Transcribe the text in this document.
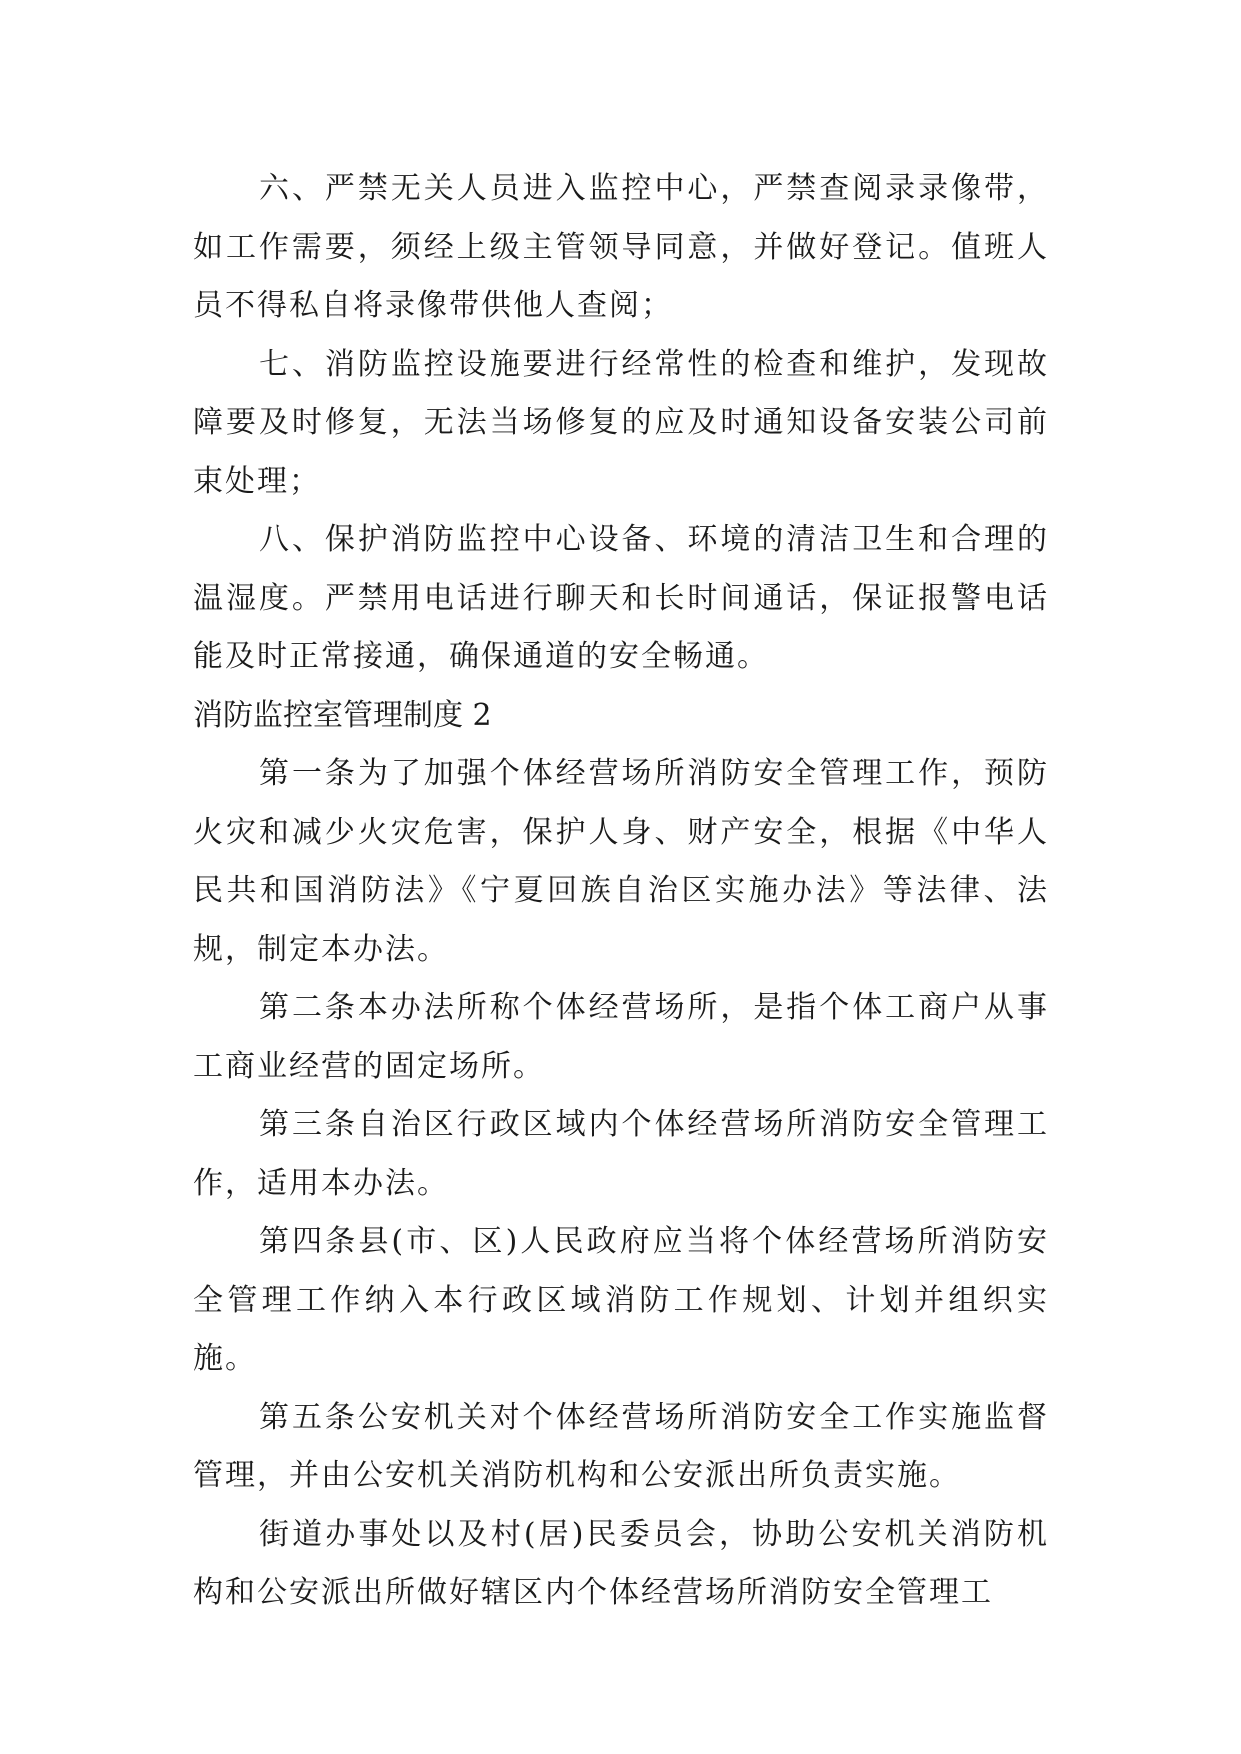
六、严禁无关人员进入监控中心，严禁查阅录录像带，如工作需要，须经上级主管领导同意，并做好登记。值班人员不得私自将录像带供他人查阅；

七、消防监控设施要进行经常性的检查和维护，发现故障要及时修复，无法当场修复的应及时通知设备安装公司前束处理；

八、保护消防监控中心设备、环境的清洁卫生和合理的温湿度。严禁用电话进行聊天和长时间通话，保证报警电话能及时正常接通，确保通道的安全畅通。

消防监控室管理制度 2

第一条为了加强个体经营场所消防安全管理工作，预防火灾和减少火灾危害，保护人身、财产安全，根据《中华人民共和国消防法》《宁夏回族自治区实施办法》等法律、法规，制定本办法。

第二条本办法所称个体经营场所，是指个体工商户从事工商业经营的固定场所。

第三条自治区行政区域内个体经营场所消防安全管理工作，适用本办法。

第四条县(市、区)人民政府应当将个体经营场所消防安全管理工作纳入本行政区域消防工作规划、计划并组织实施。

第五条公安机关对个体经营场所消防安全工作实施监督管理，并由公安机关消防机构和公安派出所负责实施。

街道办事处以及村(居)民委员会，协助公安机关消防机构和公安派出所做好辖区内个体经营场所消防安全管理工
